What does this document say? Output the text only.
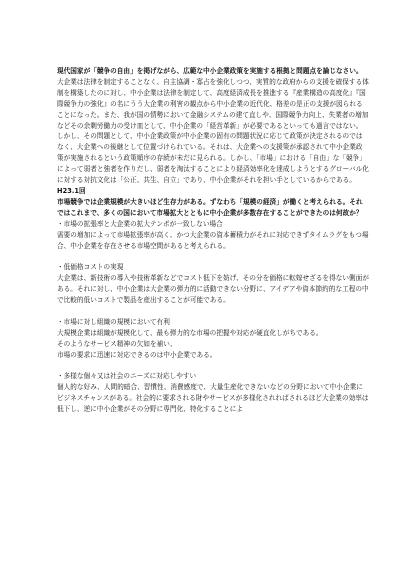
現代国家が「競争の自由」を掲げながら、広範な中小企業政策を実施する根拠と問題点を論じなさい。

大企業は法律を制定することなく、自主協調・寡占を強化しつつ、実質的な政府からの支援を確保する体制を構築したのに対し、中小企業は法律を制定して、高度経済成長を推進する『産業構造の高度化』『国際競争力の強化』の名にうう大企業の利害の観点から中小企業の近代化、格差の是正の支援が図られることになった。また、我が国の情勢において金融システムの建て直しや、国際競争力向上、失業者の増加などその余剰労働力の受け皿として、中小企業の「経営革新」が必要であるといっても過言ではない。しかし、その問題として、中小企業政策が中小企業の固有の問題状況に応じて政策が決定されるのではなく、大企業への後継として位置づけられている。それは、大企業への支援策が承認されて中小企業政策が実施されるという政策順序の存続が未だに見られる。しかし、「市場」における「自由」な「競争」によって弱者と強者を作りだし、弱者を淘汰することにより経済効率化を達成しようとするグローバル化に対する対抗文化は「公正、共生、自立」であり、中小企業がそれを担い手としているからである。

H23.1回

市場競争では企業規模が大きいほど生存力がある。ずなわち「規模の経済」が働くと考えられる。それではこれまで、多くの国において市場拡大とともに中小企業が多数存在することができたのは何故か？

・市場の拡張率と大企業の拡大テンポが一致しない場合

需要の増加によって市場拡張率が高く、かつ大企業の資本蓄積力がそれに対応できずタイムラグをもつ場合、中小企業を存在させる市場空間があると考えられる。

・低価格コストの実現

大企業は、新技術の導入や技術革新などでコスト低下を妨げ、その分を価格に転嫁せざるを得ない側面がある。それに対し、中小企業は大企業の弾力的に活動できない分野に、アイデアや資本節約的な工程の中で比較的低いコストで製品を産出することが可能である。

・市場に対し組織の規模において有利

大規模企業は組織が規模化して、最も弾力的な市場の把握や対応が硬直化しがちである。

そのようなサービス精神の欠如を補い、

市場の要求に迅速に対応できるのは中小企業である。

・多様な個々又は社会のニーズに対応しやすい

個人的な好み、人間的暗合、習慣性、消費感度で、大量生産化できないなどの分野において中小企業にビジネスチャンスがある。社会的に要求される財やサービスが多様化されればされるほど大企業の効率は低下し、逆に中小企業がその分野に専門化、特化することによ
